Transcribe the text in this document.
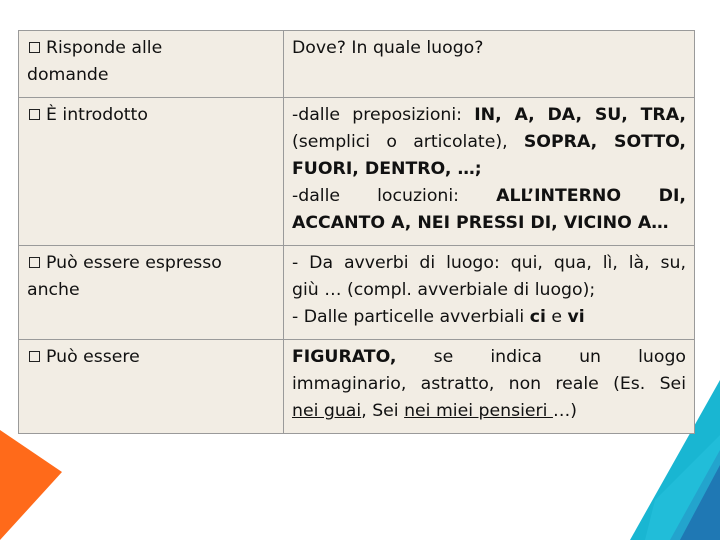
Risponde alle
domande	Dove? In quale luogo?

È introdotto	-dalle preposizioni: IN, A, DA, SU, TRA,
(semplici o articolate), SOPRA, SOTTO,
FUORI, DENTRO, …;
-dalle locuzioni: ALL’INTERNO DI,
ACCANTO A, NEI PRESSI DI, VICINO A…

Può essere espresso
anche	- Da avverbi di luogo: qui, qua, lì, là, su,
giù … (compl. avverbiale di luogo);
- Dalle particelle avverbiali ci e vi

Può essere	FIGURATO, se indica un luogo
immaginario, astratto, non reale (Es. Sei
nei guai, Sei nei miei pensieri …)
